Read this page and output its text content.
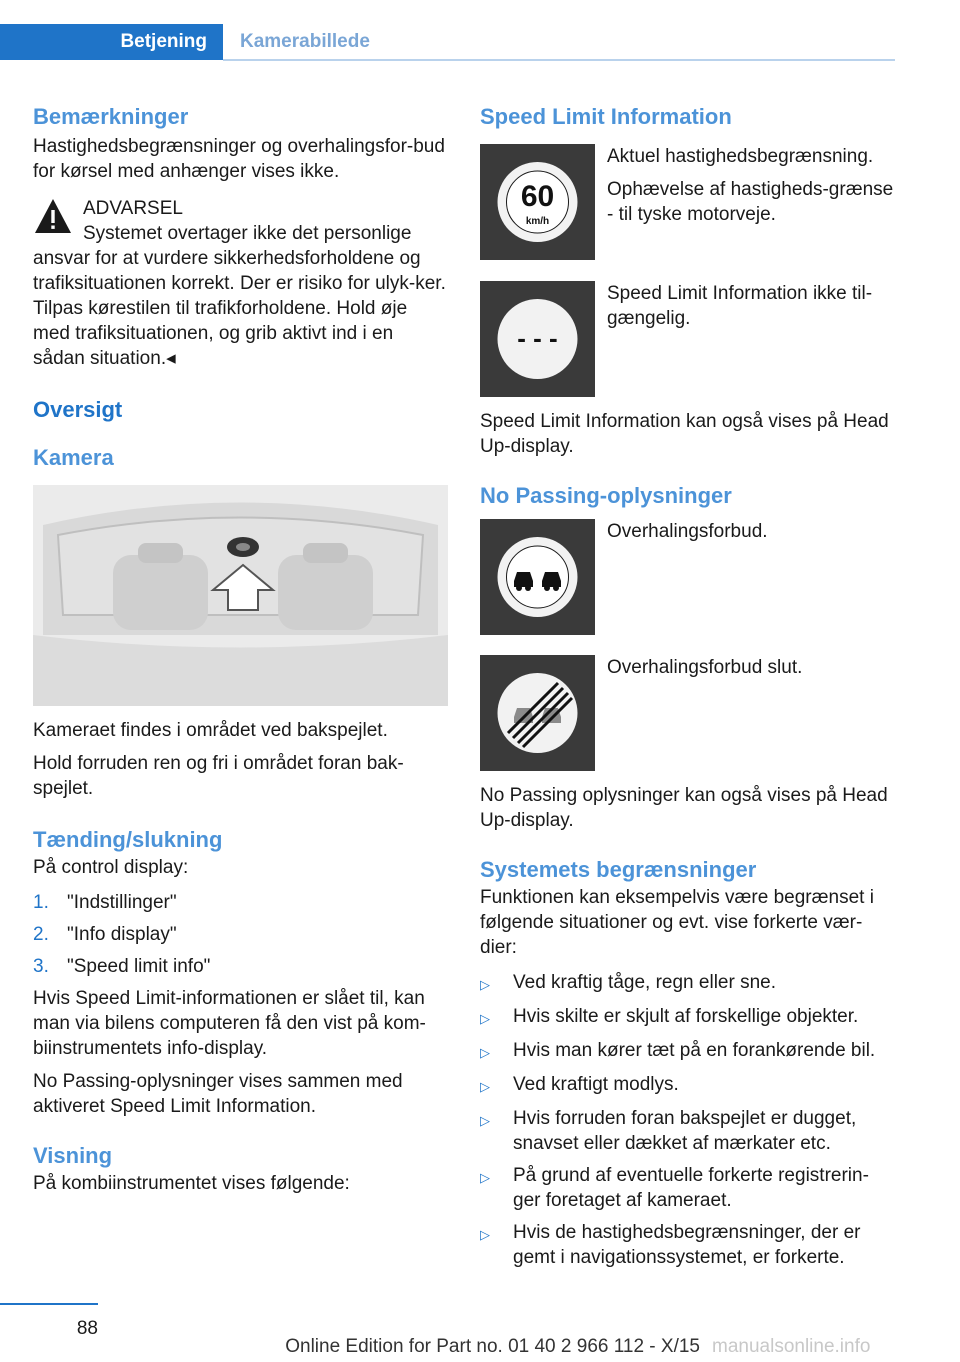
Betjening	Kamerabillede
Bemærkninger

Hastighedsbegrænsninger og overhalingsfor-bud for kørsel med anhænger vises ikke.

ADVARSEL
Systemet overtager ikke det personlige

ansvar for at vurdere sikkerhedsforholdene og trafiksituationen korrekt. Der er risiko for ulyk-ker. Tilpas kørestilen til trafikforholdene. Hold øje med trafiksituationen, og grib aktivt ind i en sådan situation.◂

Oversigt
Kamera

Kameraet findes i området ved bakspejlet.

Hold forruden ren og fri i området foran bak-spejlet.

Tænding/slukning

På control display:

1. "Indstillinger"
2. "Info display"
3. "Speed limit info"

Hvis Speed Limit-informationen er slået til, kan man via bilens computeren få den vist på kom-biinstrumentets info-display.

No Passing-oplysninger vises sammen med aktiveret Speed Limit Information.

Visning

På kombiinstrumentet vises følgende:

Speed Limit Information
60
km/h

Aktuel hastighedsbegrænsning.

Ophævelse af hastigheds-grænse - til tyske motorveje.

- - -

Speed Limit Information ikke til-gængelig.

Speed Limit Information kan også vises på Head Up-display.

No Passing-oplysninger

Overhalingsforbud.

Overhalingsforbud slut.

No Passing oplysninger kan også vises på Head Up-display.

Systemets begrænsninger

Funktionen kan eksempelvis være begrænset i følgende situationer og evt. vise forkerte vær-dier:

▷	Ved kraftig tåge, regn eller sne.
▷	Hvis skilte er skjult af forskellige objekter.
▷	Hvis man kører tæt på en forankørende bil.
▷	Ved kraftigt modlys.
▷	Hvis forruden foran bakspejlet er dugget, snavset eller dækket af mærkater etc.
▷	På grund af eventuelle forkerte registrerin-ger foretaget af kameraet.
▷	Hvis de hastighedsbegrænsninger, der er gemt i navigationssystemet, er forkerte.
88
Online Edition for Part no. 01 40 2 966 112 - X/15 manualsonline.info
